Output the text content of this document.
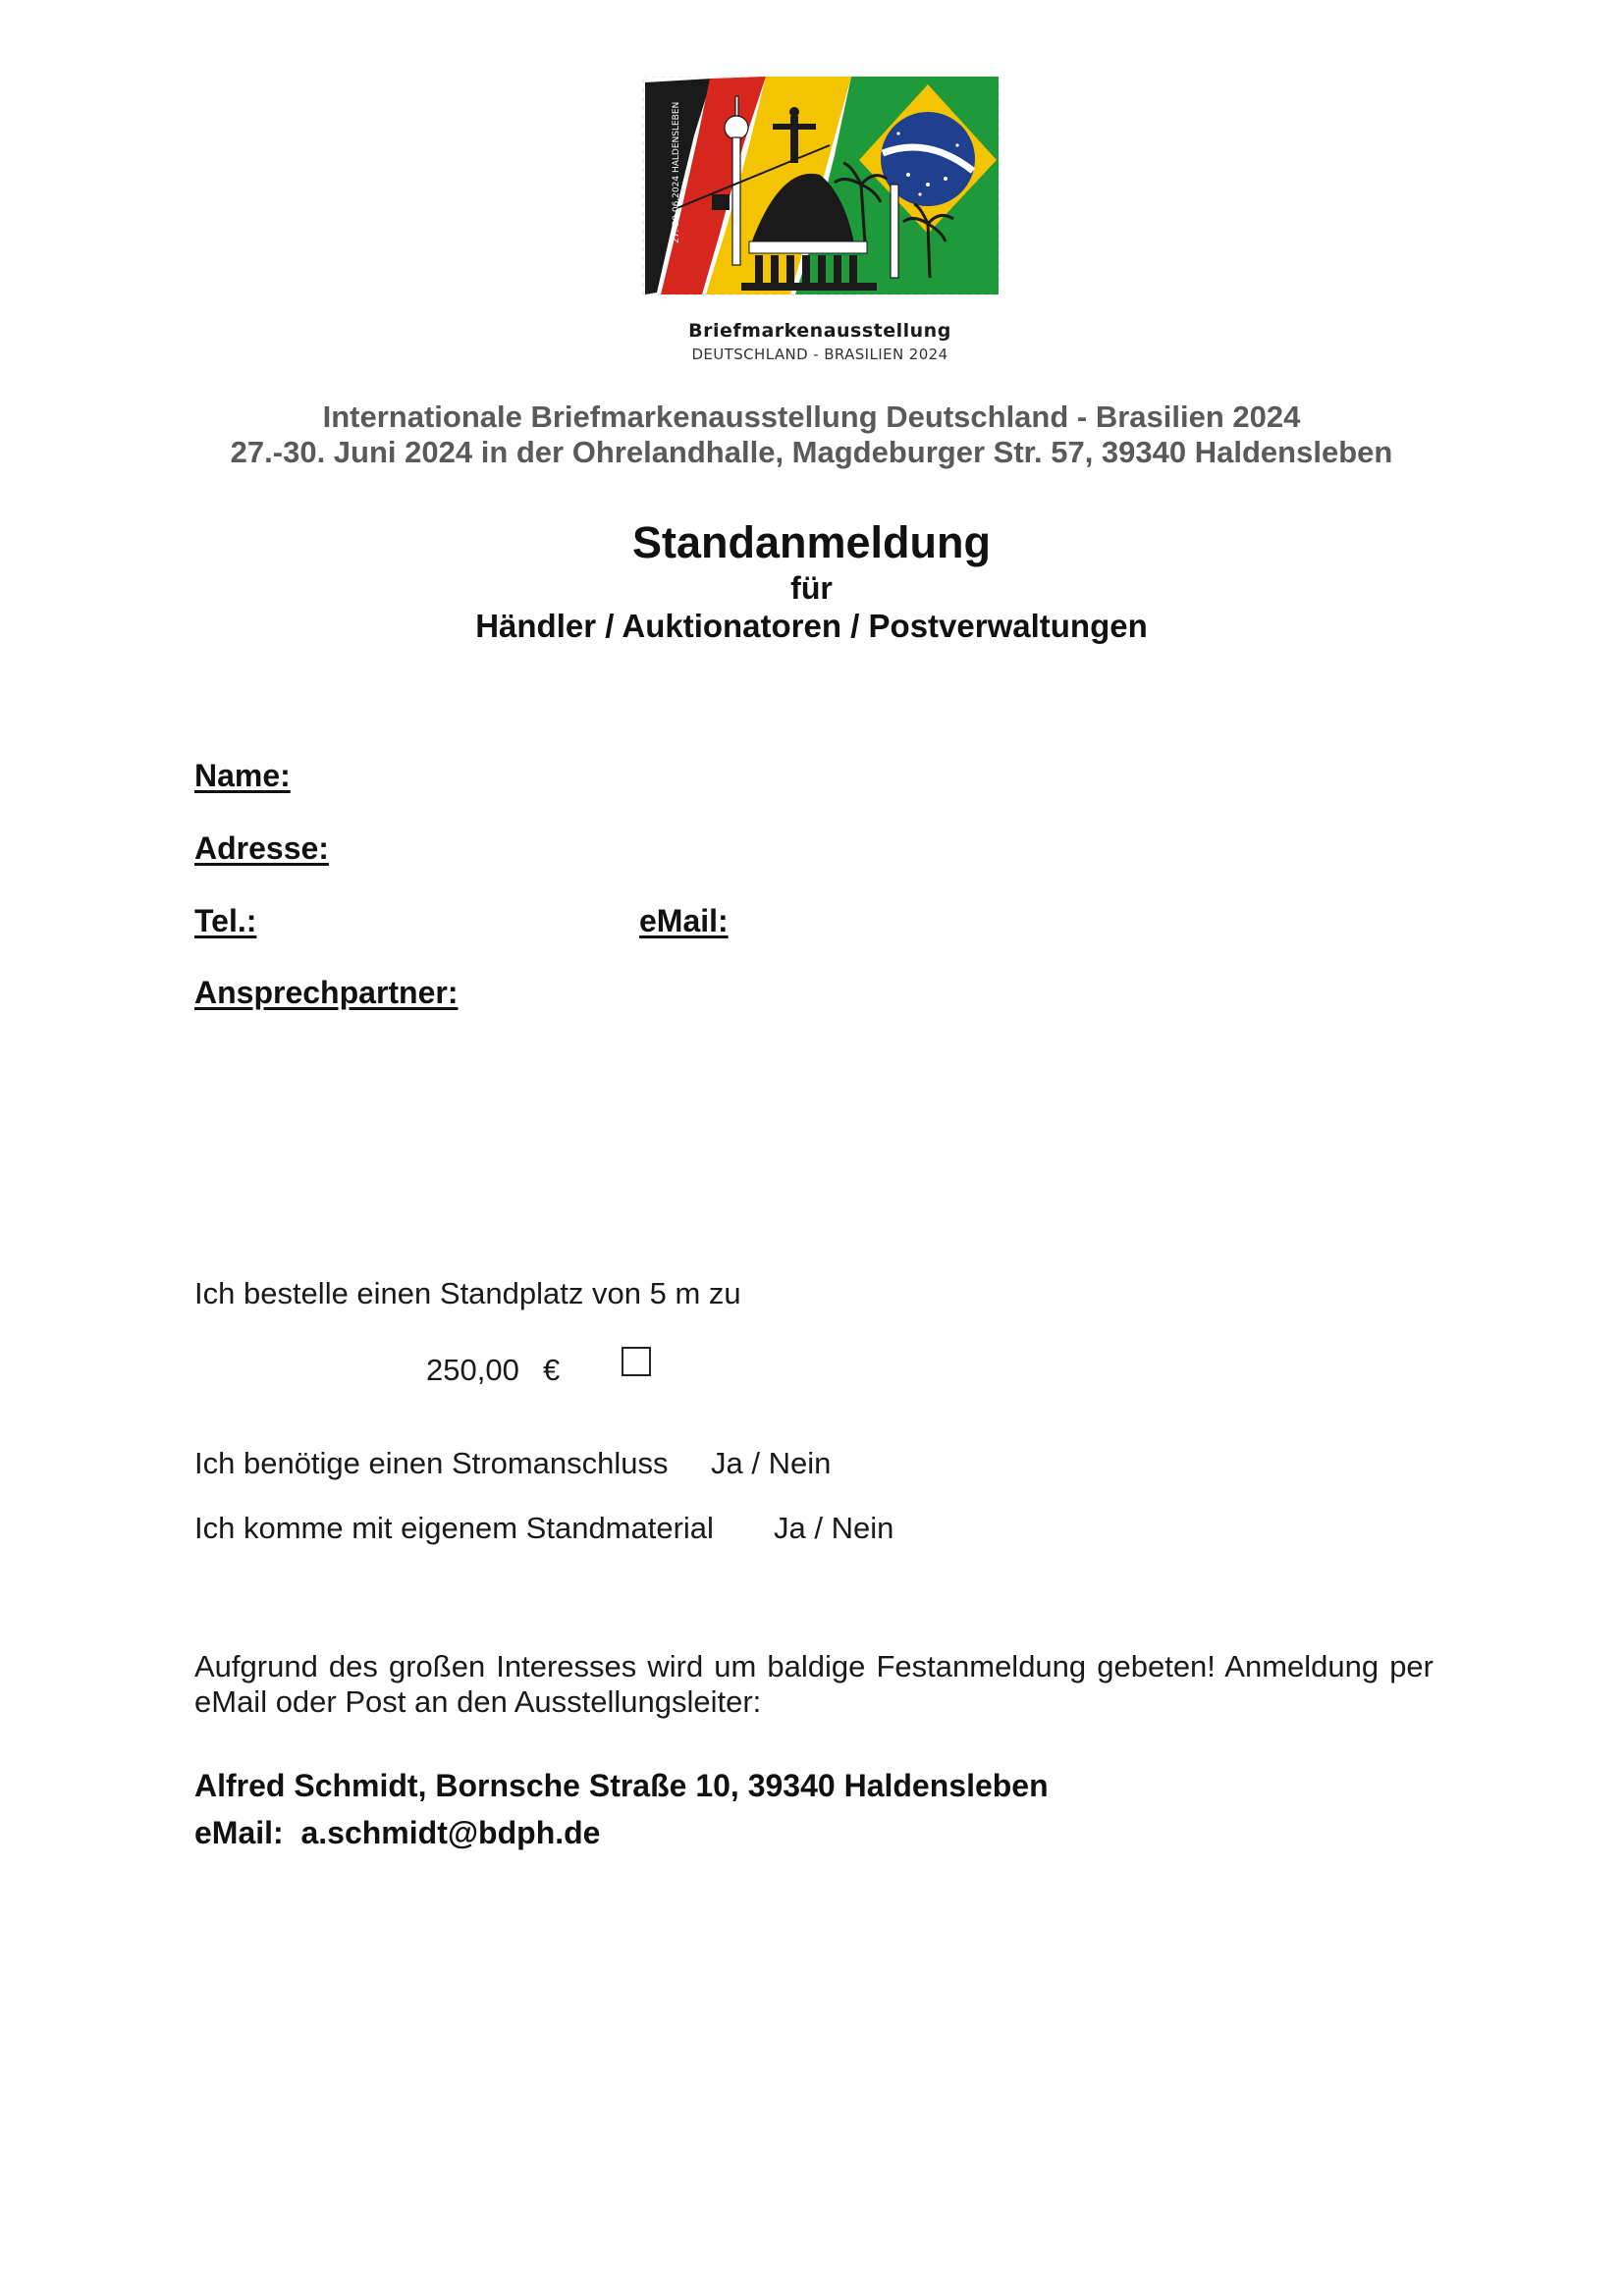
27.-30.06.2024 HALDENSLEBEN
Briefmarkenausstellung
DEUTSCHLAND - BRASILIEN 2024
Internationale Briefmarkenausstellung Deutschland - Brasilien 2024
27.-30. Juni 2024 in der Ohrelandhalle, Magdeburger Str. 57, 39340 Haldensleben
Standanmeldung
für
Händler / Auktionatoren / Postverwaltungen
Name:
Adresse:
Tel.:	eMail:
Ansprechpartner:
Ich bestelle einen Standplatz von 5 m zu
250,00 €
Ich benötige einen Stromanschluss Ja / Nein
Ich komme mit eigenem Standmaterial Ja / Nein
Aufgrund des großen Interesses wird um baldige Festanmeldung gebeten! Anmeldung per eMail oder Post an den Ausstellungsleiter:
Alfred Schmidt, Bornsche Straße 10, 39340 Haldensleben
eMail: a.schmidt@bdph.de
